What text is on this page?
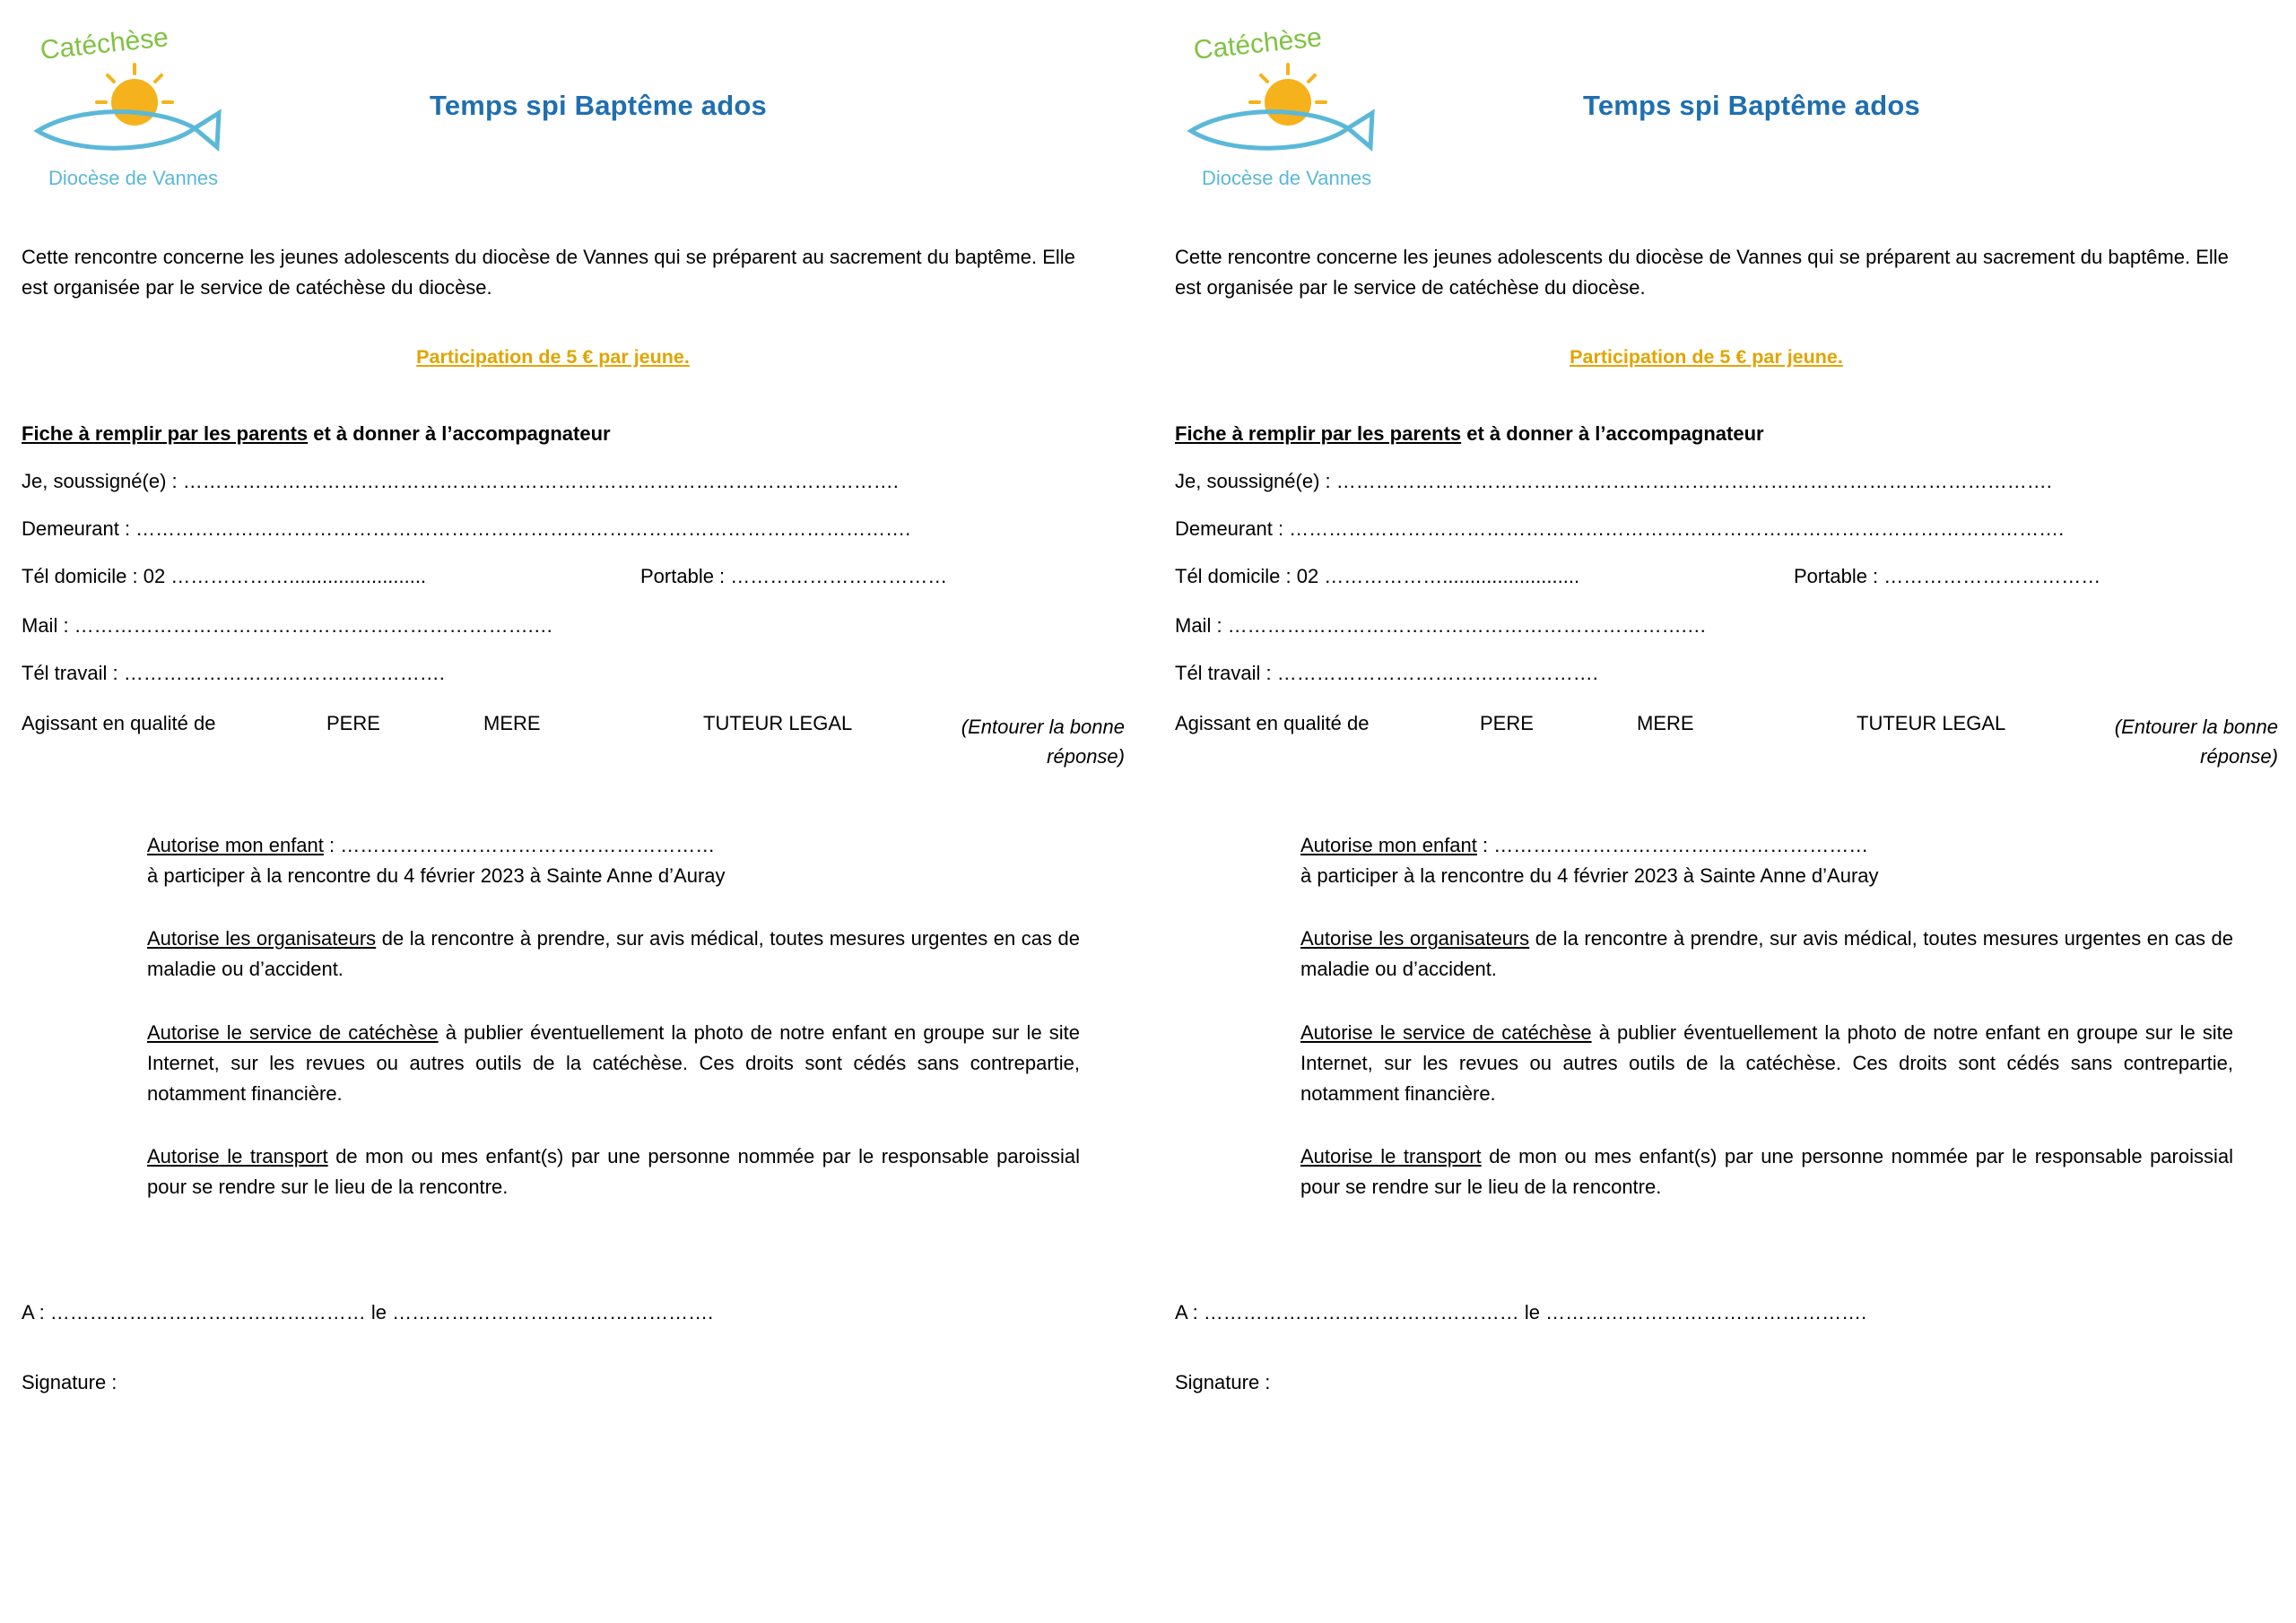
Catéchèse
Diocèse de Vannes
Temps spi Baptême ados
Cette rencontre concerne les jeunes adolescents du diocèse de Vannes qui se préparent au sacrement du baptême. Elle est organisée par le service de catéchèse du diocèse.
Participation de 5 € par jeune.
Fiche à remplir par les parents et à donner à l’accompagnateur
Je, soussigné(e) : ……………………………………………………………………………………………….
Demeurant : ……………………………………………………………………………………………………….
Tél domicile : 02 ……………….........................	Portable : ……………………………
Mail : …………………………………………………………….…
Tél travail : ………………………………………….
Agissant en qualité de	PERE	MERE	TUTEUR LEGAL	(Entourer la bonne réponse)
Autorise mon enfant : …………………………………………………
à participer à la rencontre du 4 février 2023 à Sainte Anne d’Auray
Autorise les organisateurs de la rencontre à prendre, sur avis médical, toutes mesures urgentes en cas de maladie ou d’accident.
Autorise le service de catéchèse à publier éventuellement la photo de notre enfant en groupe sur le site Internet, sur les revues ou autres outils de la catéchèse. Ces droits sont cédés sans contrepartie, notamment financière.
Autorise le transport de mon ou mes enfant(s) par une personne nommée par le responsable paroissial pour se rendre sur le lieu de la rencontre.
A : ………………………………………… le ………………………………………….
Signature :
Catéchèse
Diocèse de Vannes
Temps spi Baptême ados
Cette rencontre concerne les jeunes adolescents du diocèse de Vannes qui se préparent au sacrement du baptême. Elle est organisée par le service de catéchèse du diocèse.
Participation de 5 € par jeune.
Fiche à remplir par les parents et à donner à l’accompagnateur
Je, soussigné(e) : ……………………………………………………………………………………………….
Demeurant : ……………………………………………………………………………………………………….
Tél domicile : 02 ……………….........................	Portable : ……………………………
Mail : …………………………………………………………….…
Tél travail : ………………………………………….
Agissant en qualité de	PERE	MERE	TUTEUR LEGAL	(Entourer la bonne réponse)
Autorise mon enfant : …………………………………………………
à participer à la rencontre du 4 février 2023 à Sainte Anne d’Auray
Autorise les organisateurs de la rencontre à prendre, sur avis médical, toutes mesures urgentes en cas de maladie ou d’accident.
Autorise le service de catéchèse à publier éventuellement la photo de notre enfant en groupe sur le site Internet, sur les revues ou autres outils de la catéchèse. Ces droits sont cédés sans contrepartie, notamment financière.
Autorise le transport de mon ou mes enfant(s) par une personne nommée par le responsable paroissial pour se rendre sur le lieu de la rencontre.
A : ………………………………………… le ………………………………………….
Signature :
